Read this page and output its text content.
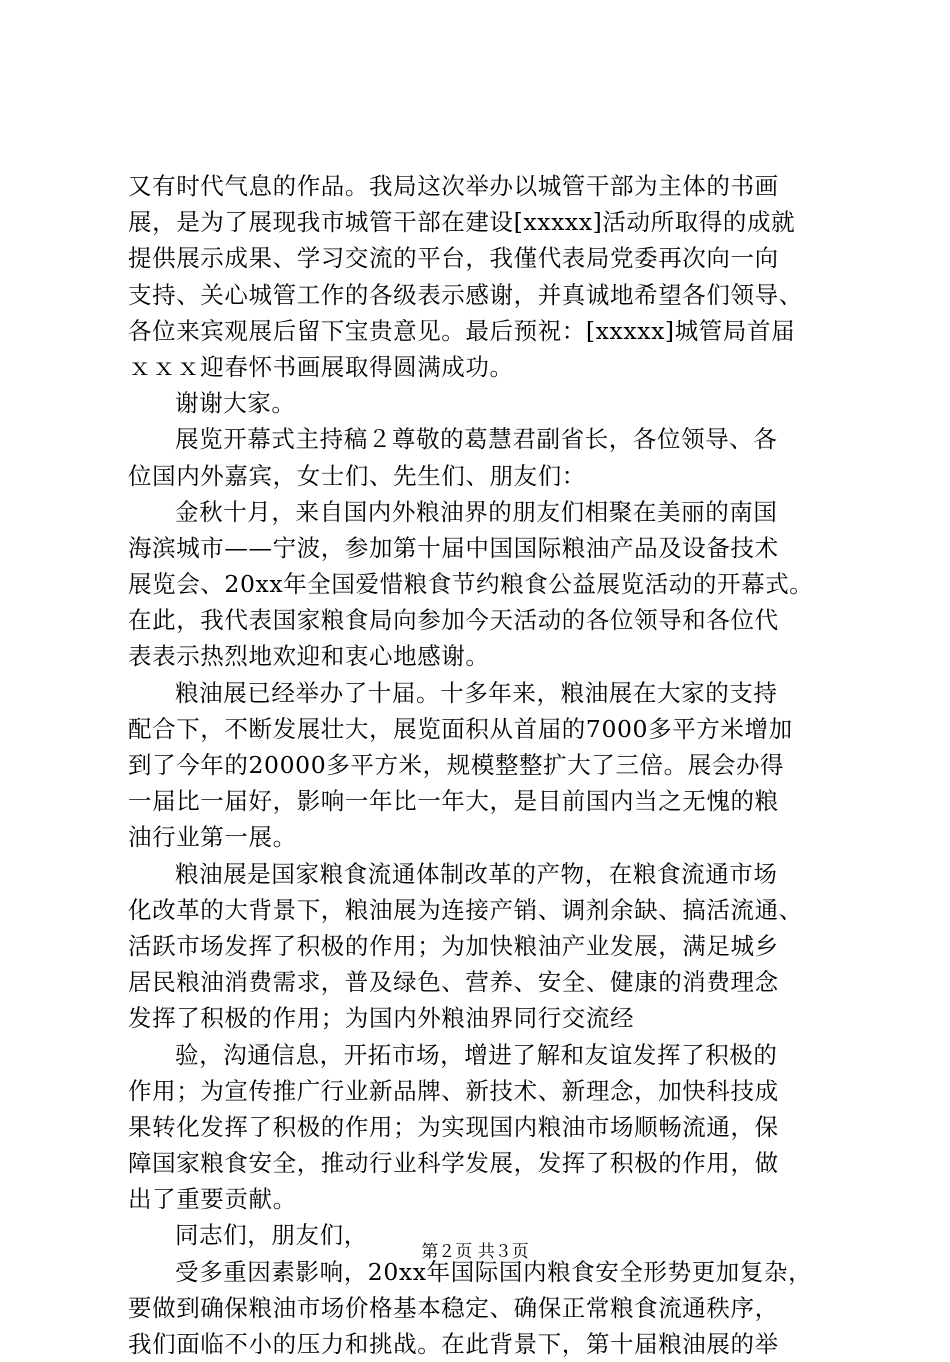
又有时代气息的作品。我局这次举办以城管干部为主体的书画
展，是为了展现我市城管干部在建设[xxxxx]活动所取得的成就
提供展示成果、学习交流的平台，我僅代表局党委再次向一向
支持、关心城管工作的各级表示感谢，并真诚地希望各们领导、
各位来宾观展后留下宝贵意见。最后预祝：[xxxxx]城管局首届
ｘｘｘ迎春怀书画展取得圆满成功。
谢谢大家。
展览开幕式主持稿２尊敬的葛慧君副省长，各位领导、各
位国内外嘉宾，女士们、先生们、朋友们：
金秋十月，来自国内外粮油界的朋友们相聚在美丽的南国
海滨城市——宁波，参加第十届中国国际粮油产品及设备技术
展览会、20xx年全国爱惜粮食节约粮食公益展览活动的开幕式。
在此，我代表国家粮食局向参加今天活动的各位领导和各位代
表表示热烈地欢迎和衷心地感谢。
粮油展已经举办了十届。十多年来，粮油展在大家的支持
配合下，不断发展壮大，展览面积从首届的7000多平方米增加
到了今年的20000多平方米，规模整整扩大了三倍。展会办得
一届比一届好，影响一年比一年大，是目前国内当之无愧的粮
油行业第一展。
粮油展是国家粮食流通体制改革的产物，在粮食流通市场
化改革的大背景下，粮油展为连接产销、调剂余缺、搞活流通、
活跃市场发挥了积极的作用；为加快粮油产业发展，满足城乡
居民粮油消费需求，普及绿色、营养、安全、健康的消费理念
发挥了积极的作用；为国内外粮油界同行交流经
验，沟通信息，开拓市场，增进了解和友谊发挥了积极的
作用；为宣传推广行业新品牌、新技术、新理念，加快科技成
果转化发挥了积极的作用；为实现国内粮油市场顺畅流通，保
障国家粮食安全，推动行业科学发展，发挥了积极的作用，做
出了重要贡献。
同志们，朋友们，
受多重因素影响，20xx年国际国内粮食安全形势更加复杂，
要做到确保粮油市场价格基本稳定、确保正常粮食流通秩序，
我们面临不小的压力和挑战。在此背景下，第十届粮油展的举
第２页 共３页
